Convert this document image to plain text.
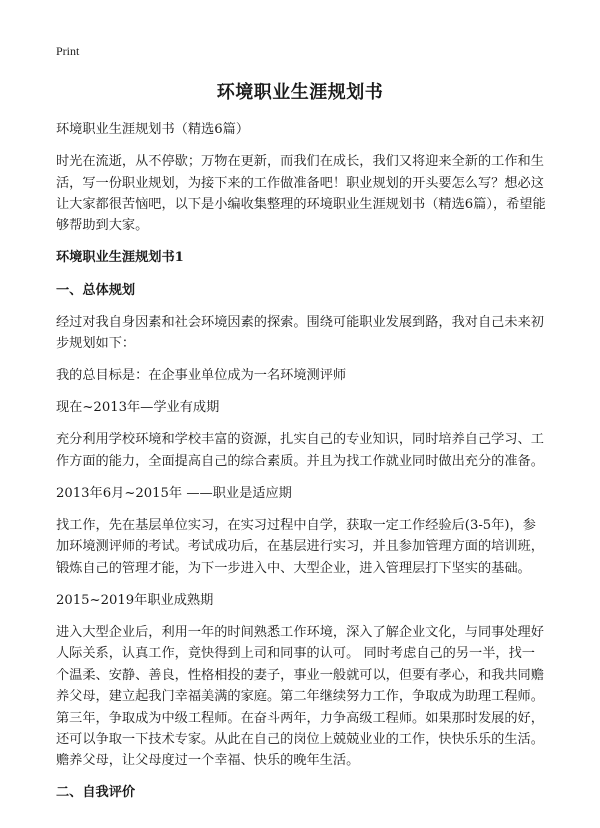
Print
环境职业生涯规划书

环境职业生涯规划书（精选6篇）

时光在流逝，从不停歇；万物在更新，而我们在成长，我们又将迎来全新的工作和生活，写一份职业规划，为接下来的工作做准备吧！职业规划的开头要怎么写？想必这让大家都很苦恼吧，以下是小编收集整理的环境职业生涯规划书（精选6篇），希望能够帮助到大家。

环境职业生涯规划书1
一、总体规划

经过对我自身因素和社会环境因素的探索。围绕可能职业发展到路，我对自己未来初步规划如下：

我的总目标是：在企事业单位成为一名环境测评师

现在~2013年—学业有成期

充分利用学校环境和学校丰富的资源，扎实自己的专业知识，同时培养自己学习、工作方面的能力，全面提高自己的综合素质。并且为找工作就业同时做出充分的准备。

2013年6月~2015年 ——职业是适应期

找工作，先在基层单位实习，在实习过程中自学，获取一定工作经验后(3-5年)，参加环境测评师的考试。考试成功后，在基层进行实习，并且参加管理方面的培训班，锻炼自己的管理才能，为下一步进入中、大型企业，进入管理层打下坚实的基础。

2015~2019年职业成熟期

进入大型企业后，利用一年的时间熟悉工作环境，深入了解企业文化，与同事处理好人际关系，认真工作，竟快得到上司和同事的认可。 同时考虑自己的另一半，找一个温柔、安静、善良，性格相投的妻子，事业一般就可以，但要有孝心，和我共同赡养父母，建立起我门幸福美满的家庭。第二年继续努力工作，争取成为助理工程师。第三年，争取成为中级工程师。在奋斗两年，力争高级工程师。如果那时发展的好，还可以争取一下技术专家。从此在自己的岗位上兢兢业业的工作，快快乐乐的生活。赡养父母，让父母度过一个幸福、快乐的晚年生活。

二、自我评价
